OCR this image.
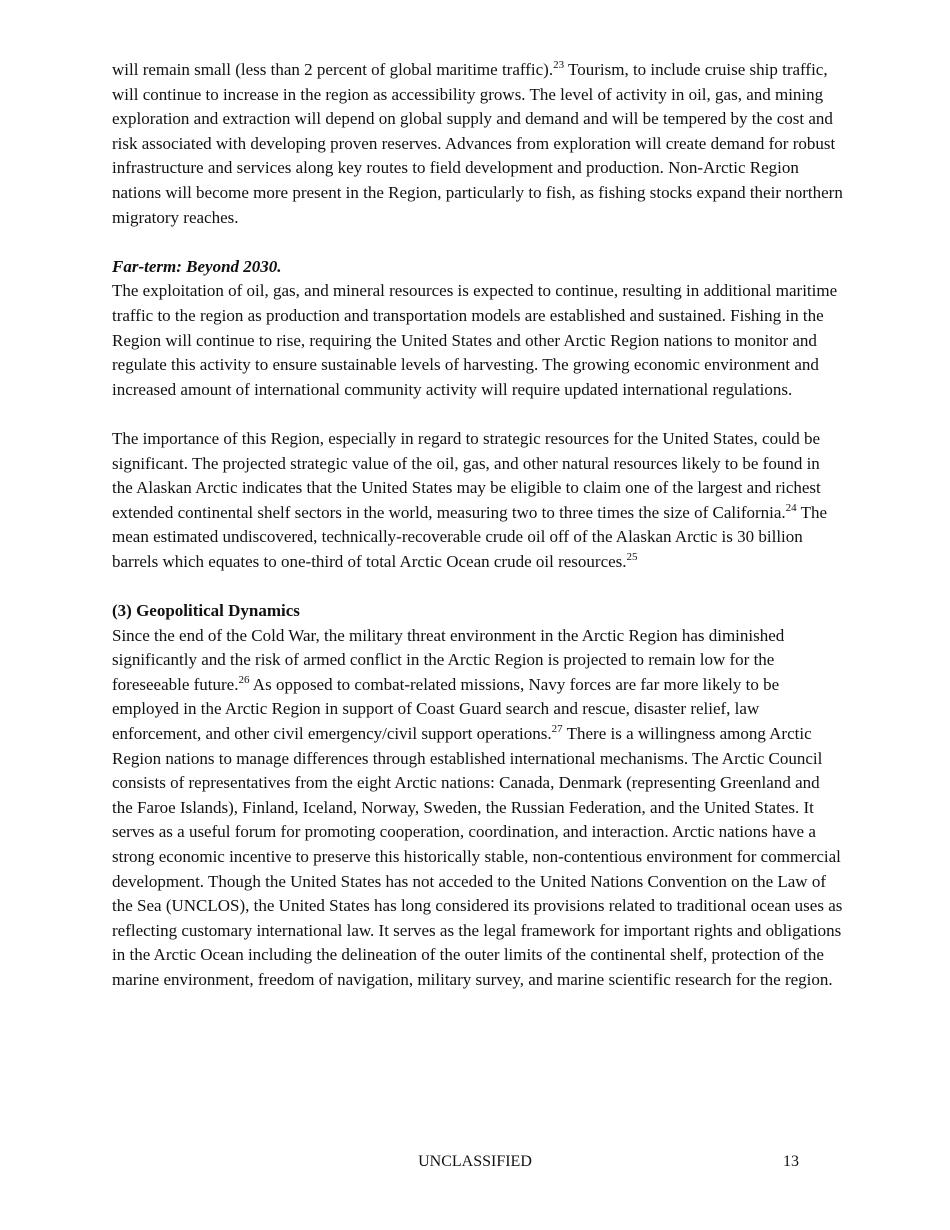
will remain small (less than 2 percent of global maritime traffic).$^{23}$ Tourism, to include cruise ship traffic, will continue to increase in the region as accessibility grows. The level of activity in oil, gas, and mining exploration and extraction will depend on global supply and demand and will be tempered by the cost and risk associated with developing proven reserves. Advances from exploration will create demand for robust infrastructure and services along key routes to field development and production. Non-Arctic Region nations will become more present in the Region, particularly to fish, as fishing stocks expand their northern migratory reaches.

Far-term: Beyond 2030.

The exploitation of oil, gas, and mineral resources is expected to continue, resulting in additional maritime traffic to the region as production and transportation models are established and sustained. Fishing in the Region will continue to rise, requiring the United States and other Arctic Region nations to monitor and regulate this activity to ensure sustainable levels of harvesting. The growing economic environment and increased amount of international community activity will require updated international regulations.

The importance of this Region, especially in regard to strategic resources for the United States, could be significant. The projected strategic value of the oil, gas, and other natural resources likely to be found in the Alaskan Arctic indicates that the United States may be eligible to claim one of the largest and richest extended continental shelf sectors in the world, measuring two to three times the size of California.$^{24}$ The mean estimated undiscovered, technically-recoverable crude oil off of the Alaskan Arctic is 30 billion barrels which equates to one-third of total Arctic Ocean crude oil resources.$^{25}$

(3) Geopolitical Dynamics

Since the end of the Cold War, the military threat environment in the Arctic Region has diminished significantly and the risk of armed conflict in the Arctic Region is projected to remain low for the foreseeable future.$^{26}$ As opposed to combat-related missions, Navy forces are far more likely to be employed in the Arctic Region in support of Coast Guard search and rescue, disaster relief, law enforcement, and other civil emergency/civil support operations.$^{27}$ There is a willingness among Arctic Region nations to manage differences through established international mechanisms. The Arctic Council consists of representatives from the eight Arctic nations: Canada, Denmark (representing Greenland and the Faroe Islands), Finland, Iceland, Norway, Sweden, the Russian Federation, and the United States. It serves as a useful forum for promoting cooperation, coordination, and interaction. Arctic nations have a strong economic incentive to preserve this historically stable, non-contentious environment for commercial development. Though the United States has not acceded to the United Nations Convention on the Law of the Sea (UNCLOS), the United States has long considered its provisions related to traditional ocean uses as reflecting customary international law. It serves as the legal framework for important rights and obligations in the Arctic Ocean including the delineation of the outer limits of the continental shelf, protection of the marine environment, freedom of navigation, military survey, and marine scientific research for the region.

UNCLASSIFIED	13
